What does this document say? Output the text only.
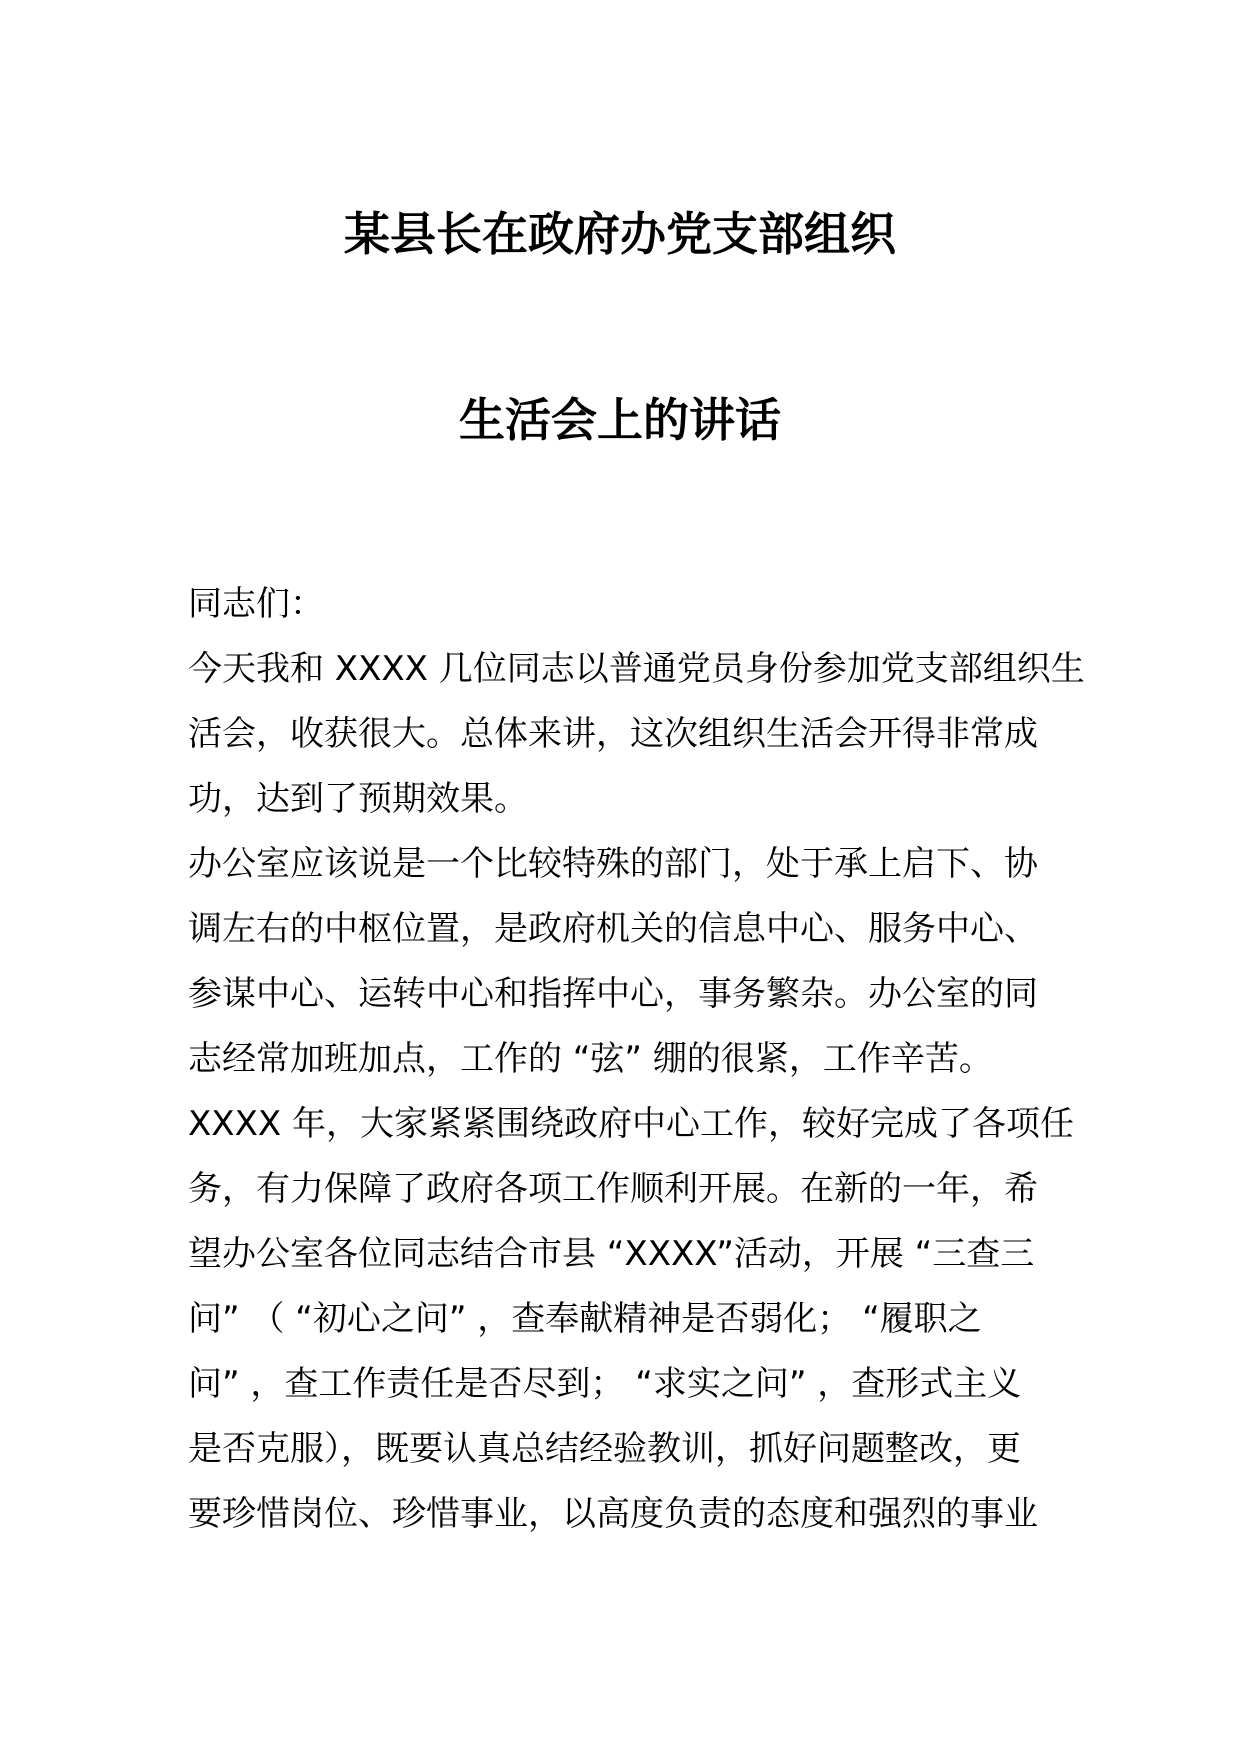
某县长在政府办党支部组织
生活会上的讲话
同志们：
今天我和 XXXX 几位同志以普通党员身份参加党支部组织生
活会，收获很大。总体来讲，这次组织生活会开得非常成
功，达到了预期效果。
办公室应该说是一个比较特殊的部门，处于承上启下、协
调左右的中枢位置，是政府机关的信息中心、服务中心、
参谋中心、运转中心和指挥中心，事务繁杂。办公室的同
志经常加班加点，工作的 “弦” 绷的很紧，工作辛苦。
XXXX 年，大家紧紧围绕政府中心工作，较好完成了各项任
务，有力保障了政府各项工作顺利开展。在新的一年，希
望办公室各位同志结合市县 “XXXX”活动，开展 “三查三
问” （ “初心之问” ，查奉献精神是否弱化； “履职之
问” ，查工作责任是否尽到； “求实之问” ，查形式主义
是否克服），既要认真总结经验教训，抓好问题整改，更
要珍惜岗位、珍惜事业，以高度负责的态度和强烈的事业
